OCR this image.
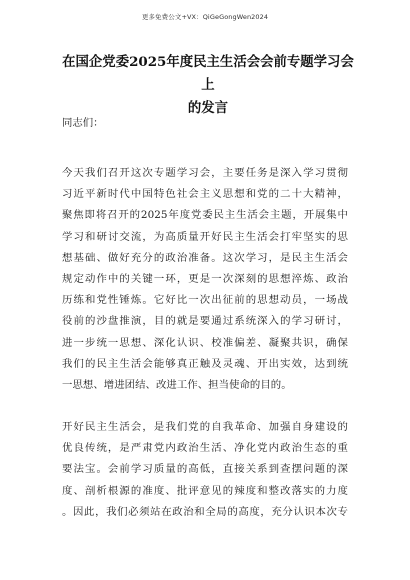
更多免费公文+VX：QiGeGongWen2024
在国企党委2025年度民主生活会会前专题学习会上
的发言
同志们：
今天我们召开这次专题学习会，主要任务是深入学习贯彻
习近平新时代中国特色社会主义思想和党的二十大精神，
聚焦即将召开的2025年度党委民主生活会主题，开展集中
学习和研讨交流，为高质量开好民主生活会打牢坚实的思
想基础、做好充分的政治准备。这次学习，是民主生活会
规定动作中的关键一环，更是一次深刻的思想淬炼、政治
历练和党性锤炼。它好比一次出征前的思想动员，一场战
役前的沙盘推演，目的就是要通过系统深入的学习研讨，
进一步统一思想、深化认识、校准偏差、凝聚共识，确保
我们的民主生活会能够真正触及灵魂、开出实效，达到统
一思想、增进团结、改进工作、担当使命的目的。
开好民主生活会，是我们党的自我革命、加强自身建设的
优良传统，是严肃党内政治生活、净化党内政治生态的重
要法宝。会前学习质量的高低，直接关系到查摆问题的深
度、剖析根源的准度、批评意见的辣度和整改落实的力度
。因此，我们必须站在政治和全局的高度，充分认识本次专
